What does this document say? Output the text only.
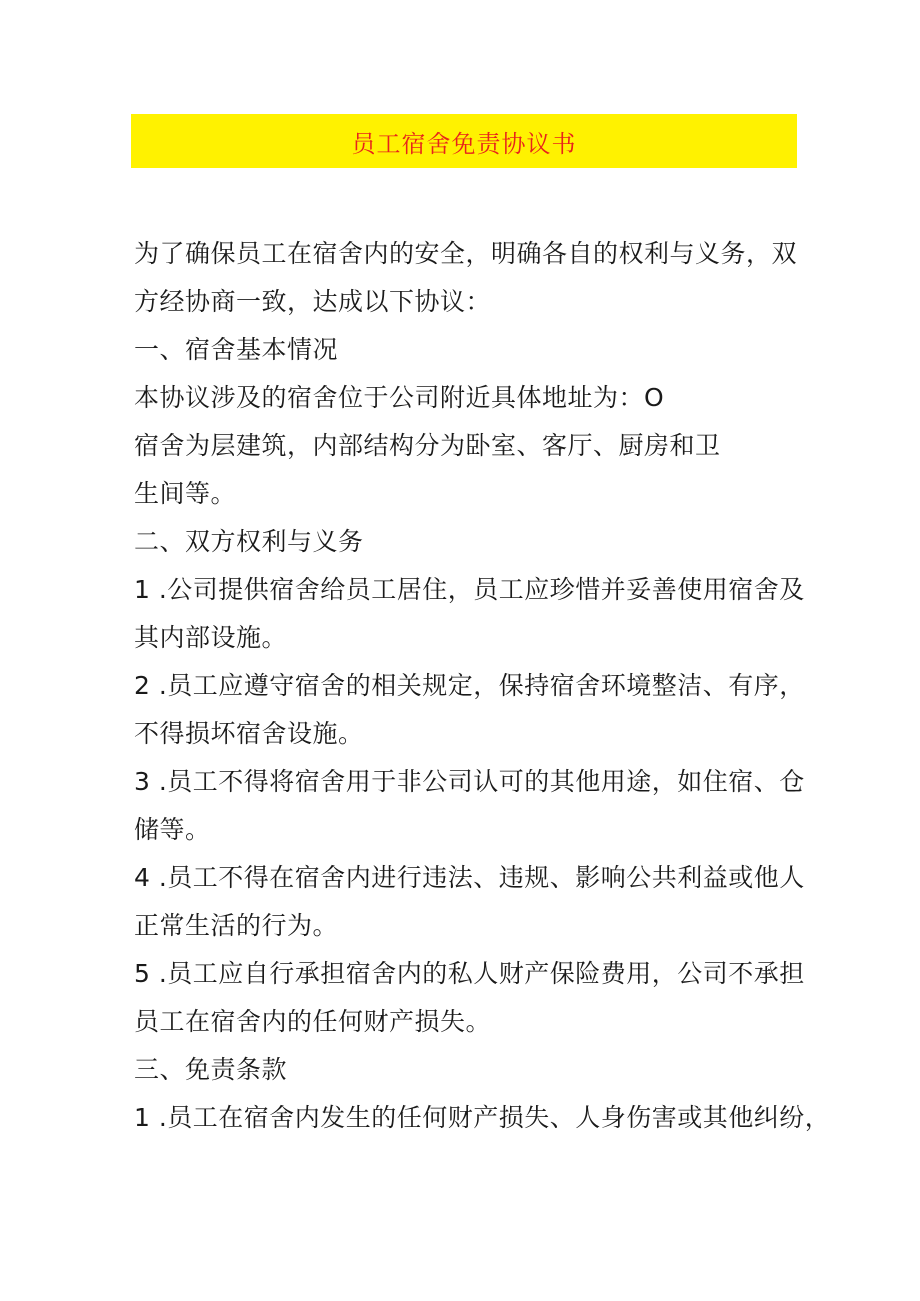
员工宿舍免责协议书
为了确保员工在宿舍内的安全，明确各自的权利与义务，双
方经协商一致，达成以下协议：
一、宿舍基本情况
本协议涉及的宿舍位于公司附近具体地址为：O
宿舍为层建筑，内部结构分为卧室、客厅、厨房和卫
生间等。
二、双方权利与义务
1 .公司提供宿舍给员工居住，员工应珍惜并妥善使用宿舍及
其内部设施。
2 .员工应遵守宿舍的相关规定，保持宿舍环境整洁、有序，
不得损坏宿舍设施。
3 .员工不得将宿舍用于非公司认可的其他用途，如住宿、仓
储等。
4 .员工不得在宿舍内进行违法、违规、影响公共利益或他人
正常生活的行为。
5 .员工应自行承担宿舍内的私人财产保险费用，公司不承担
员工在宿舍内的任何财产损失。
三、免责条款
1 .员工在宿舍内发生的任何财产损失、人身伤害或其他纠纷，
